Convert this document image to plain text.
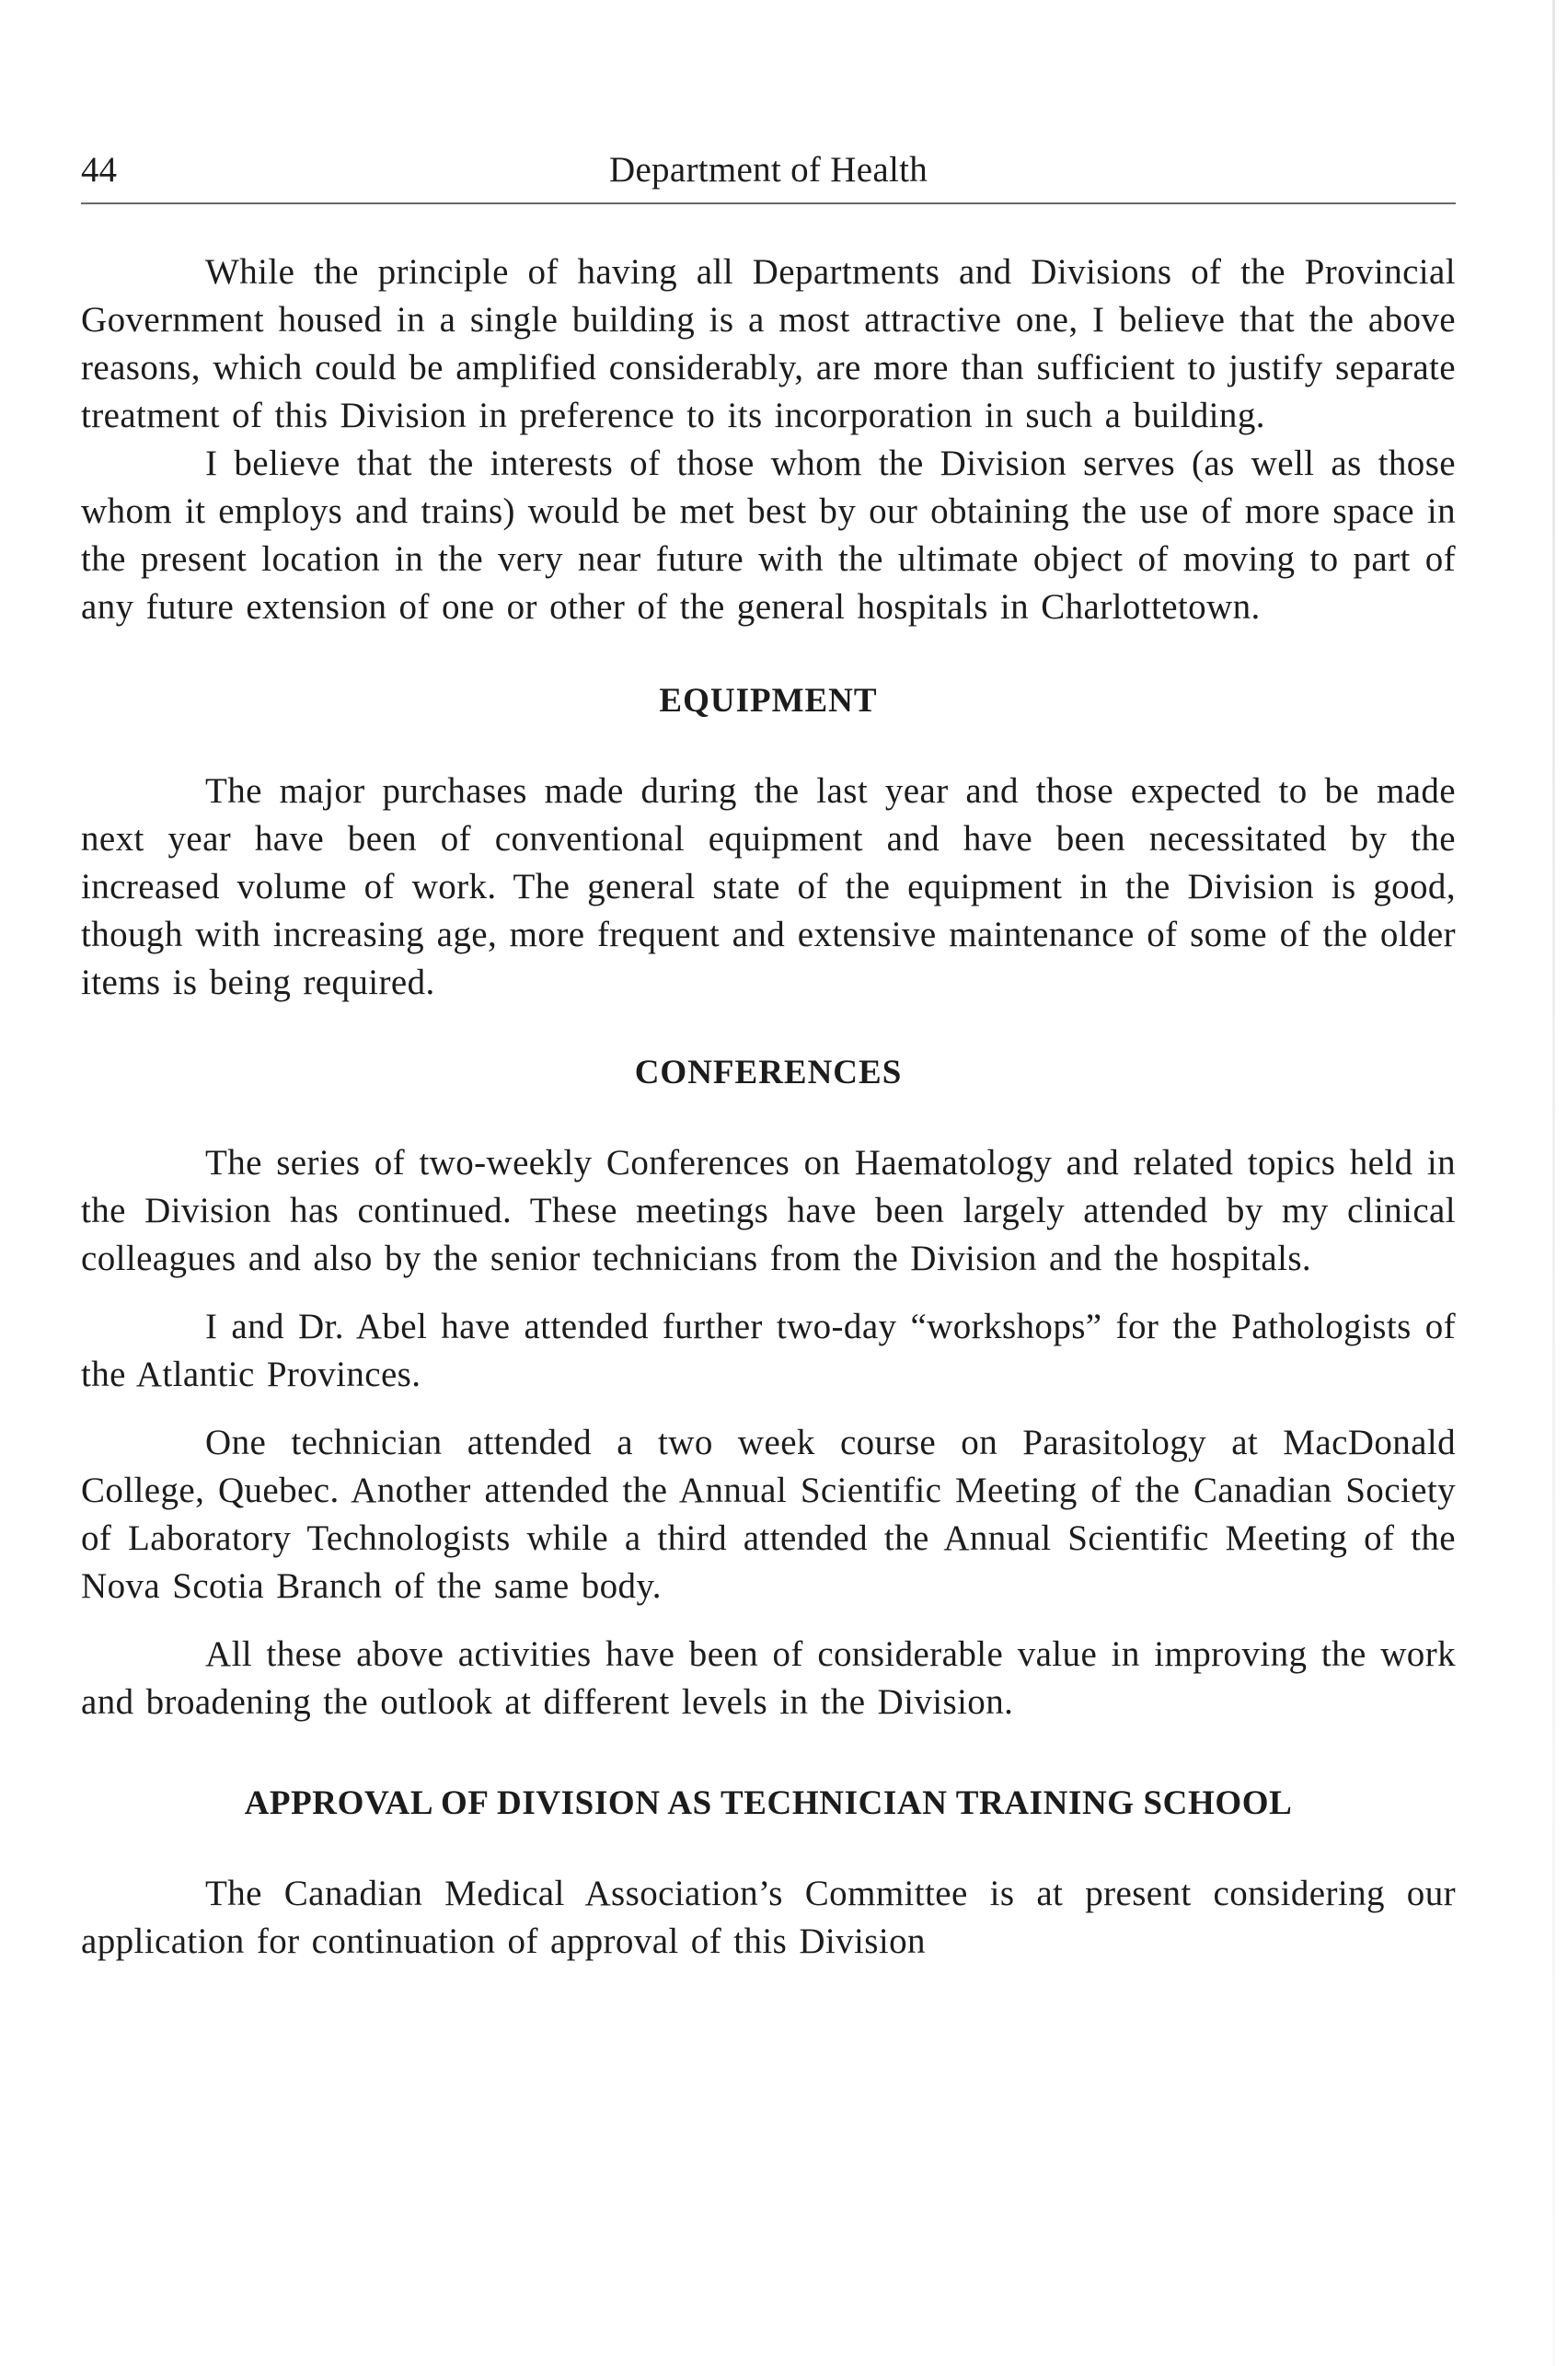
44	Department of Health

While the principle of having all Departments and Divisions of the Provincial Government housed in a single building is a most attractive one, I believe that the above reasons, which could be amplified considerably, are more than sufficient to justify separate treatment of this Division in preference to its incorporation in such a building.

I believe that the interests of those whom the Division serves (as well as those whom it employs and trains) would be met best by our obtaining the use of more space in the present location in the very near future with the ultimate object of moving to part of any future extension of one or other of the general hospitals in Charlottetown.

EQUIPMENT

The major purchases made during the last year and those expected to be made next year have been of conventional equipment and have been necessitated by the increased volume of work. The general state of the equipment in the Division is good, though with increasing age, more frequent and extensive maintenance of some of the older items is being required.

CONFERENCES

The series of two-weekly Conferences on Haematology and related topics held in the Division has continued. These meetings have been largely attended by my clinical colleagues and also by the senior technicians from the Division and the hospitals.

I and Dr. Abel have attended further two-day “workshops” for the Pathologists of the Atlantic Provinces.

One technician attended a two week course on Parasitology at MacDonald College, Quebec. Another attended the Annual Scientific Meeting of the Canadian Society of Laboratory Technologists while a third attended the Annual Scientific Meeting of the Nova Scotia Branch of the same body.

All these above activities have been of considerable value in improving the work and broadening the outlook at different levels in the Division.

APPROVAL OF DIVISION AS TECHNICIAN TRAINING SCHOOL

The Canadian Medical Association’s Committee is at present considering our application for continuation of approval of this Division
